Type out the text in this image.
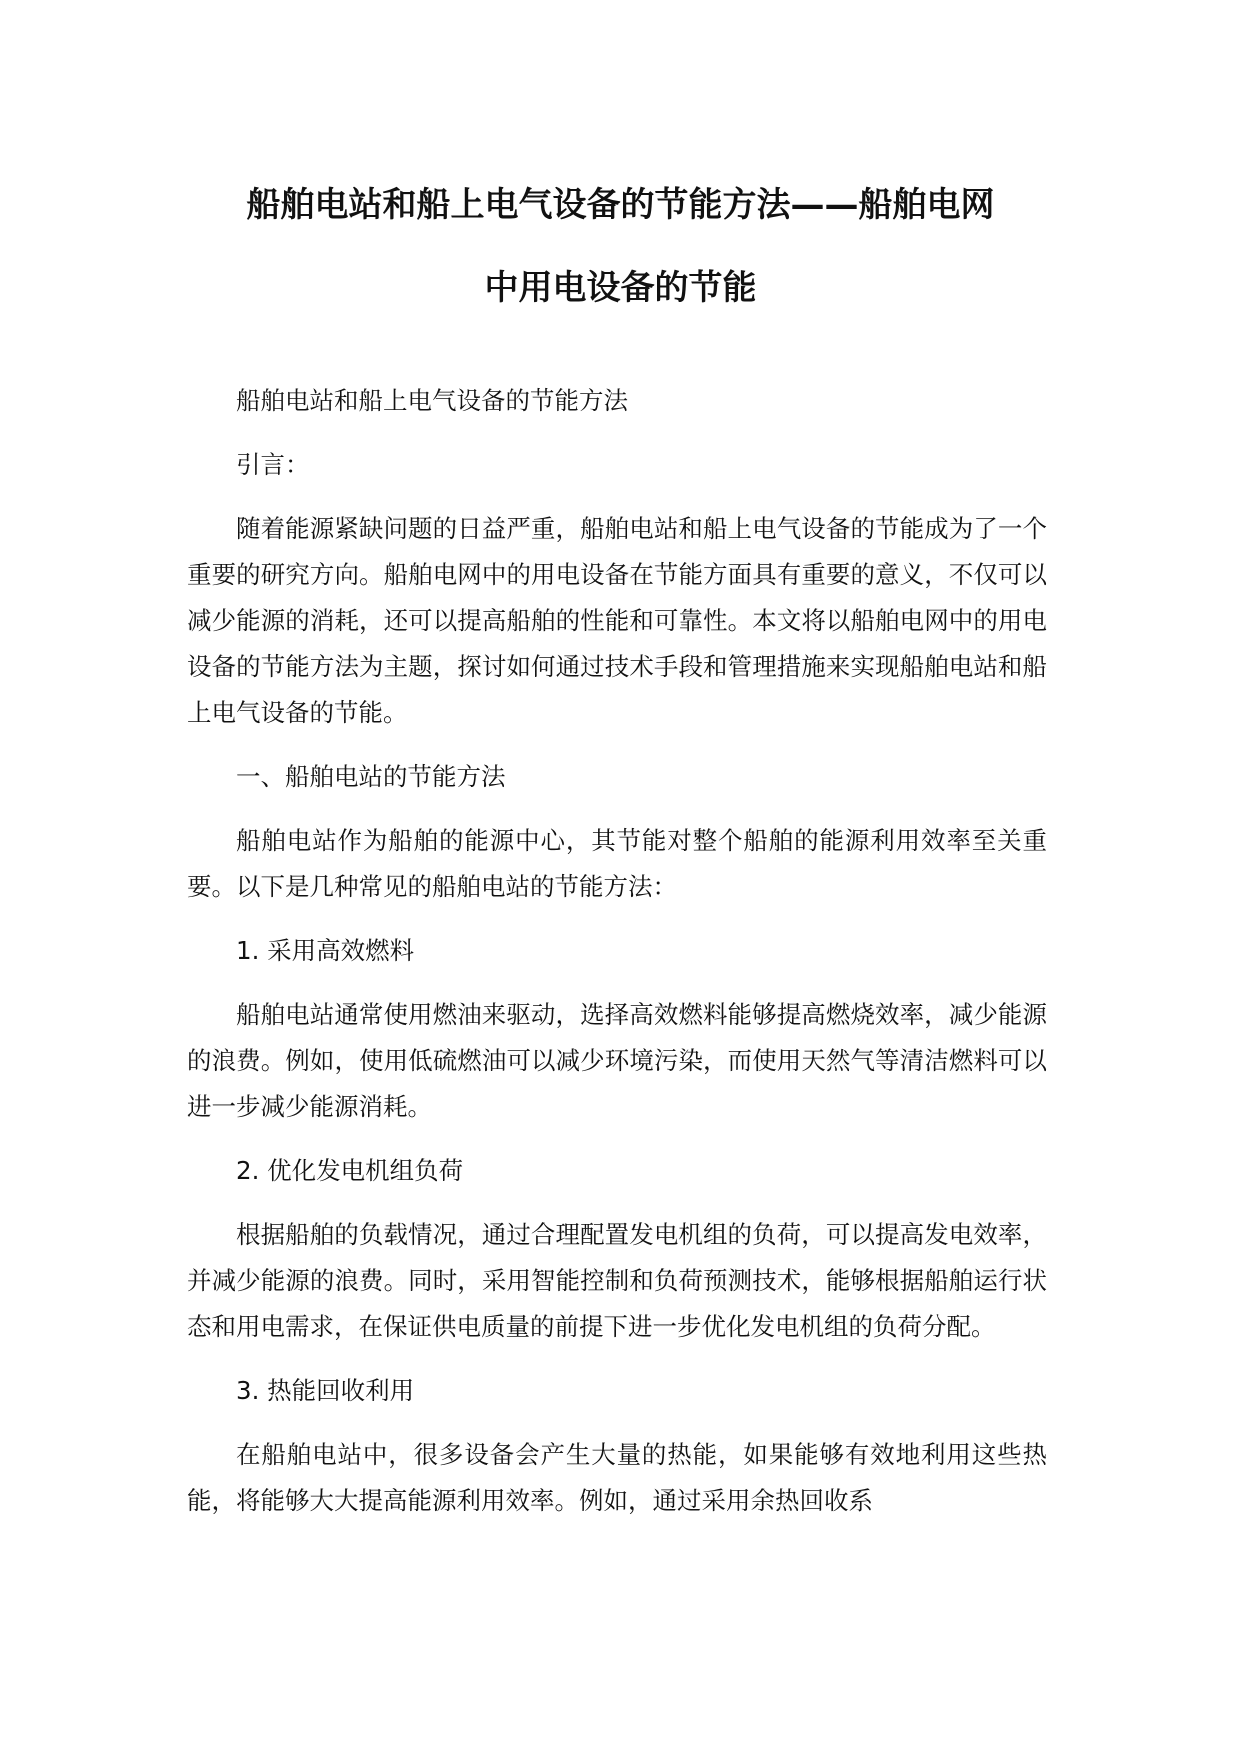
船舶电站和船上电气设备的节能方法——船舶电网
中用电设备的节能

船舶电站和船上电气设备的节能方法

引言：

随着能源紧缺问题的日益严重，船舶电站和船上电气设备的节能成为了一个重要的研究方向。船舶电网中的用电设备在节能方面具有重要的意义，不仅可以减少能源的消耗，还可以提高船舶的性能和可靠性。本文将以船舶电网中的用电设备的节能方法为主题，探讨如何通过技术手段和管理措施来实现船舶电站和船上电气设备的节能。

一、船舶电站的节能方法

船舶电站作为船舶的能源中心，其节能对整个船舶的能源利用效率至关重要。以下是几种常见的船舶电站的节能方法：

1. 采用高效燃料

船舶电站通常使用燃油来驱动，选择高效燃料能够提高燃烧效率，减少能源的浪费。例如，使用低硫燃油可以减少环境污染，而使用天然气等清洁燃料可以进一步减少能源消耗。

2. 优化发电机组负荷

根据船舶的负载情况，通过合理配置发电机组的负荷，可以提高发电效率，并减少能源的浪费。同时，采用智能控制和负荷预测技术，能够根据船舶运行状态和用电需求，在保证供电质量的前提下进一步优化发电机组的负荷分配。

3. 热能回收利用

在船舶电站中，很多设备会产生大量的热能，如果能够有效地利用这些热能，将能够大大提高能源利用效率。例如，通过采用余热回收系
